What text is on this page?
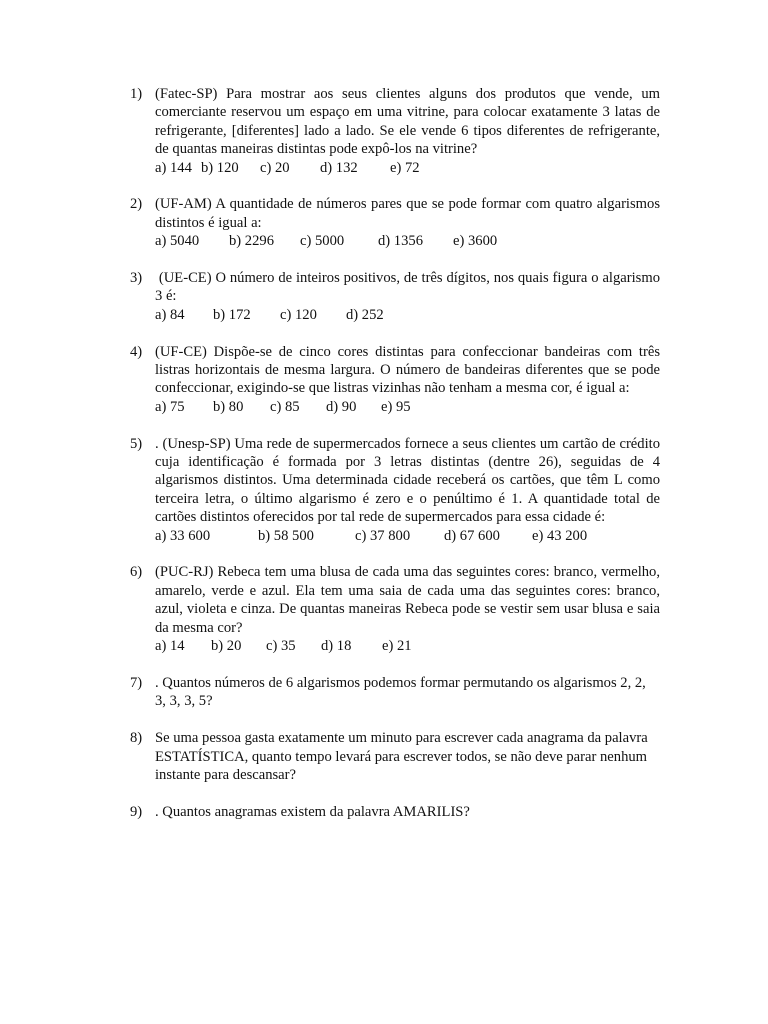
1) (Fatec-SP) Para mostrar aos seus clientes alguns dos produtos que vende, um comerciante reservou um espaço em uma vitrine, para colocar exatamente 3 latas de refrigerante, [diferentes] lado a lado. Se ele vende 6 tipos diferentes de refrigerante, de quantas maneiras distintas pode expô-los na vitrine?
a) 144 b) 120	c) 20	d) 132	e) 72
2) (UF-AM) A quantidade de números pares que se pode formar com quatro algarismos distintos é igual a:
a) 5040	b) 2296	c) 5000	d) 1356	e) 3600
3) (UE-CE) O número de inteiros positivos, de três dígitos, nos quais figura o algarismo 3 é:
a) 84	b) 172	c) 120	d) 252
4) (UF-CE) Dispõe-se de cinco cores distintas para confeccionar bandeiras com três listras horizontais de mesma largura. O número de bandeiras diferentes que se pode confeccionar, exigindo-se que listras vizinhas não tenham a mesma cor, é igual a:
a) 75	b) 80	c) 85	d) 90	e) 95
5) . (Unesp-SP) Uma rede de supermercados fornece a seus clientes um cartão de crédito cuja identificação é formada por 3 letras distintas (dentre 26), seguidas de 4 algarismos distintos. Uma determinada cidade receberá os cartões, que têm L como terceira letra, o último algarismo é zero e o penúltimo é 1. A quantidade total de cartões distintos oferecidos por tal rede de supermercados para essa cidade é:
a) 33 600	b) 58 500	c) 37 800	d) 67 600	e) 43 200
6) (PUC-RJ) Rebeca tem uma blusa de cada uma das seguintes cores: branco, vermelho, amarelo, verde e azul. Ela tem uma saia de cada uma das seguintes cores: branco, azul, violeta e cinza. De quantas maneiras Rebeca pode se vestir sem usar blusa e saia da mesma cor?
a) 14	b) 20	c) 35	d) 18	e) 21
7) . Quantos números de 6 algarismos podemos formar permutando os algarismos 2, 2, 3, 3, 3, 5?
8) Se uma pessoa gasta exatamente um minuto para escrever cada anagrama da palavra ESTATÍSTICA, quanto tempo levará para escrever todos, se não deve parar nenhum instante para descansar?
9) . Quantos anagramas existem da palavra AMARILIS?
